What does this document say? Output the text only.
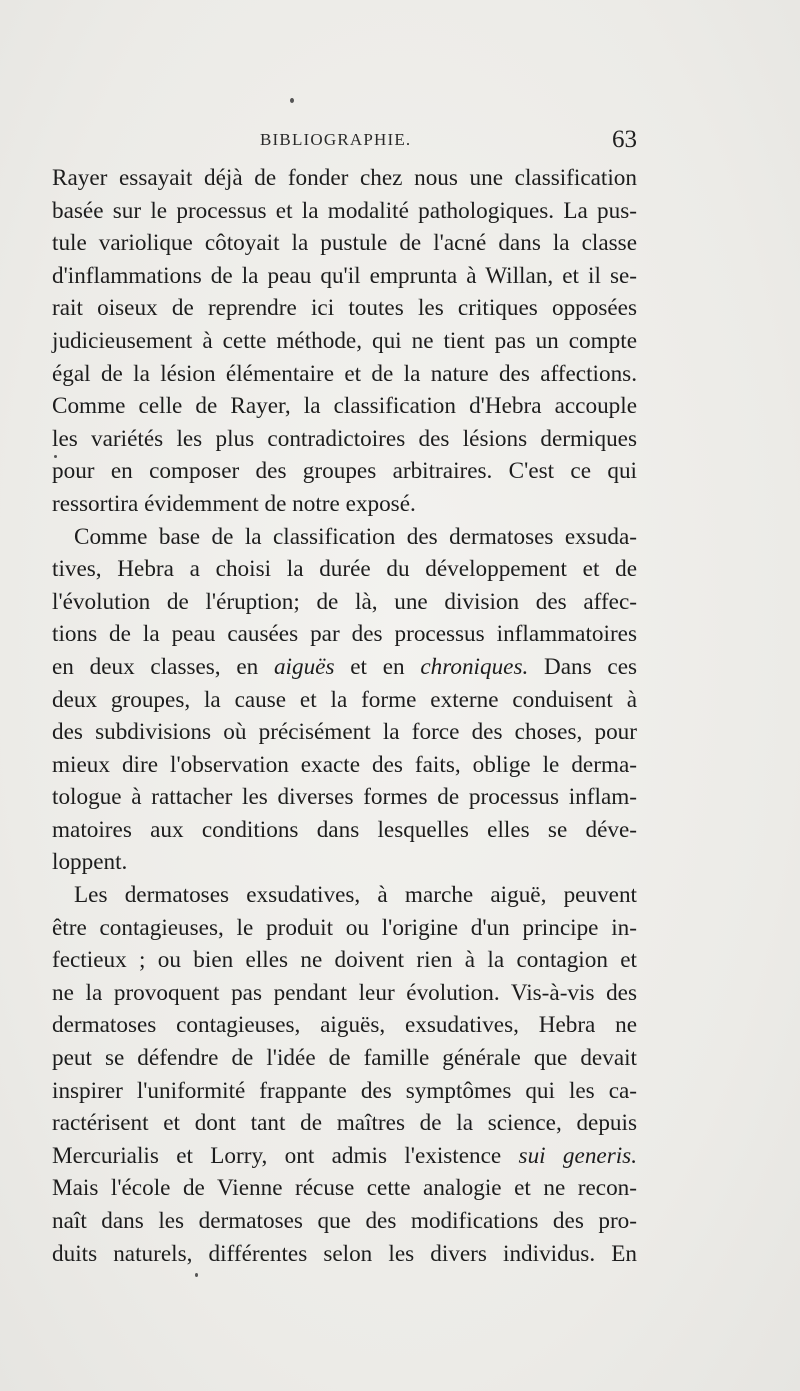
BIBLIOGRAPHIE.	63
Rayer essayait déjà de fonder chez nous une classification
basée sur le processus et la modalité pathologiques. La pus-
tule variolique côtoyait la pustule de l'acné dans la classe
d'inflammations de la peau qu'il emprunta à Willan, et il se-
rait oiseux de reprendre ici toutes les critiques opposées
judicieusement à cette méthode, qui ne tient pas un compte
égal de la lésion élémentaire et de la nature des affections.
Comme celle de Rayer, la classification d'Hebra accouple
les variétés les plus contradictoires des lésions dermiques
pour en composer des groupes arbitraires. C'est ce qui
ressortira évidemment de notre exposé.
Comme base de la classification des dermatoses exsuda-
tives, Hebra a choisi la durée du développement et de
l'évolution de l'éruption; de là, une division des affec-
tions de la peau causées par des processus inflammatoires
en deux classes, en aiguës et en chroniques. Dans ces
deux groupes, la cause et la forme externe conduisent à
des subdivisions où précisément la force des choses, pour
mieux dire l'observation exacte des faits, oblige le derma-
tologue à rattacher les diverses formes de processus inflam-
matoires aux conditions dans lesquelles elles se déve-
loppent.
Les dermatoses exsudatives, à marche aiguë, peuvent
être contagieuses, le produit ou l'origine d'un principe in-
fectieux ; ou bien elles ne doivent rien à la contagion et
ne la provoquent pas pendant leur évolution. Vis-à-vis des
dermatoses contagieuses, aiguës, exsudatives, Hebra ne
peut se défendre de l'idée de famille générale que devait
inspirer l'uniformité frappante des symptômes qui les ca-
ractérisent et dont tant de maîtres de la science, depuis
Mercurialis et Lorry, ont admis l'existence sui generis.
Mais l'école de Vienne récuse cette analogie et ne recon-
naît dans les dermatoses que des modifications des pro-
duits naturels, différentes selon les divers individus. En
